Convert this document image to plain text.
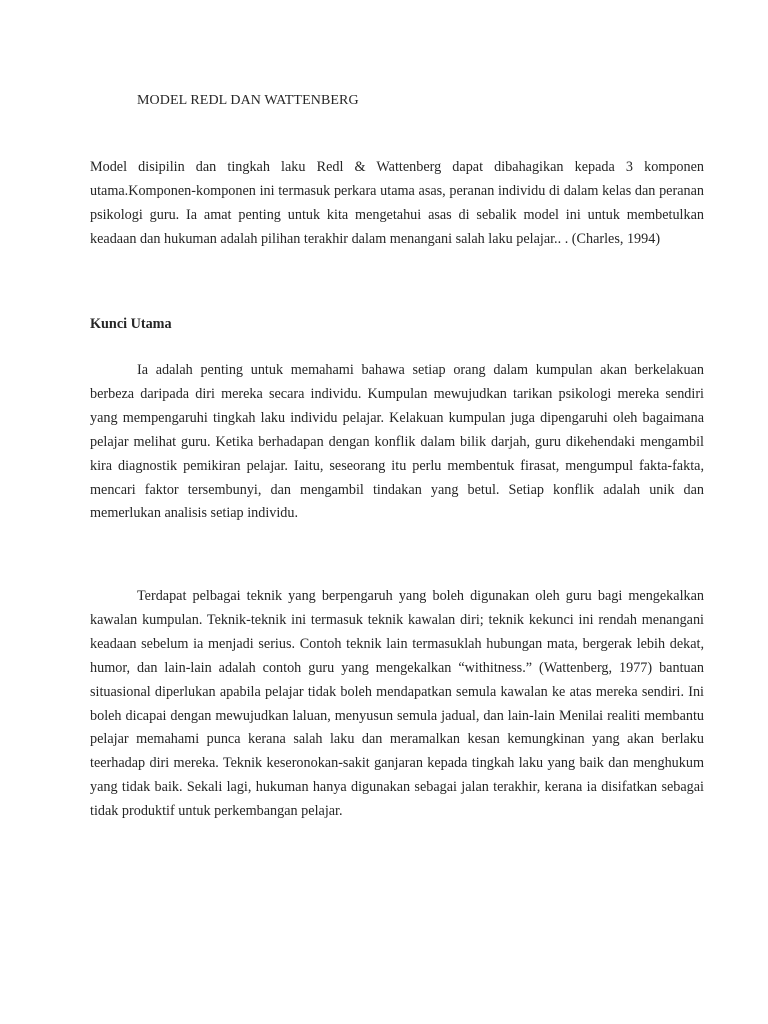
MODEL REDL DAN WATTENBERG

Model disipilin dan tingkah laku Redl & Wattenberg dapat dibahagikan kepada 3 komponen utama.Komponen-komponen ini termasuk perkara utama asas, peranan individu di dalam kelas dan peranan psikologi guru. Ia amat penting untuk kita mengetahui asas di sebalik model ini untuk membetulkan keadaan dan hukuman adalah pilihan terakhir dalam menangani salah laku pelajar.. . (Charles, 1994)

Kunci Utama

Ia adalah penting untuk memahami bahawa setiap orang dalam kumpulan akan berkelakuan berbeza daripada diri mereka secara individu. Kumpulan mewujudkan tarikan psikologi mereka sendiri yang mempengaruhi tingkah laku individu pelajar. Kelakuan kumpulan juga dipengaruhi oleh bagaimana pelajar melihat guru. Ketika berhadapan dengan konflik dalam bilik darjah, guru dikehendaki mengambil kira diagnostik pemikiran pelajar. Iaitu, seseorang itu perlu membentuk firasat, mengumpul fakta-fakta, mencari faktor tersembunyi, dan mengambil tindakan yang betul. Setiap konflik adalah unik dan memerlukan analisis setiap individu.

Terdapat pelbagai teknik yang berpengaruh yang boleh digunakan oleh guru bagi mengekalkan kawalan kumpulan. Teknik-teknik ini termasuk teknik kawalan diri; teknik kekunci ini rendah menangani keadaan sebelum ia menjadi serius. Contoh teknik lain termasuklah hubungan mata, bergerak lebih dekat, humor, dan lain-lain adalah contoh guru yang mengekalkan “withitness.” (Wattenberg, 1977) bantuan situasional diperlukan apabila pelajar tidak boleh mendapatkan semula kawalan ke atas mereka sendiri. Ini boleh dicapai dengan mewujudkan laluan, menyusun semula jadual, dan lain-lain Menilai realiti membantu pelajar memahami punca kerana salah laku dan meramalkan kesan kemungkinan yang akan berlaku teerhadap diri mereka. Teknik keseronokan-sakit ganjaran kepada tingkah laku yang baik dan menghukum yang tidak baik. Sekali lagi, hukuman hanya digunakan sebagai jalan terakhir, kerana ia disifatkan sebagai tidak produktif untuk perkembangan pelajar.
